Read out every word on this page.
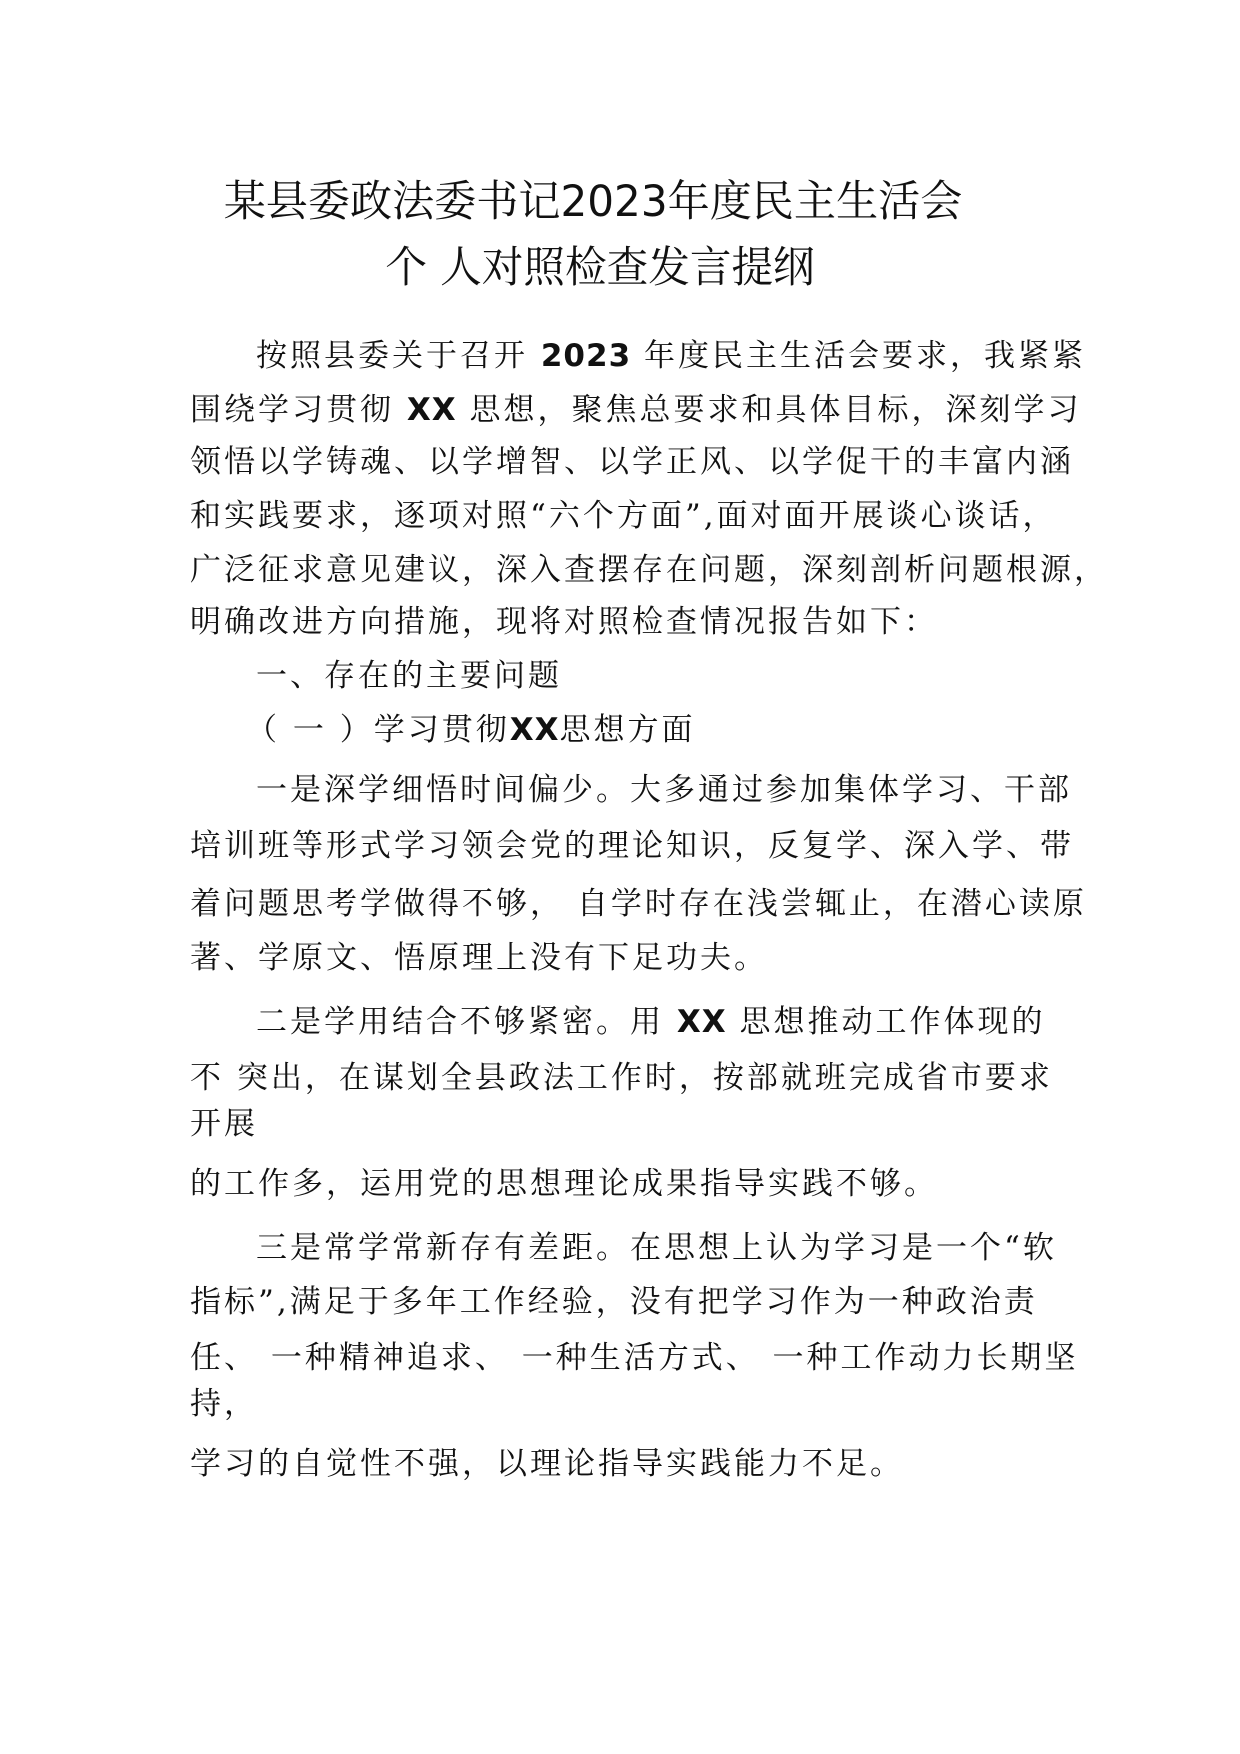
某县委政法委书记2023年度民主生活会
个 人对照检查发言提纲
按照县委关于召开 2023 年度民主生活会要求，我紧紧
围绕学习贯彻 XX 思想，聚焦总要求和具体目标，深刻学习
领悟以学铸魂、以学增智、以学正风、以学促干的丰富内涵
和实践要求，逐项对照“六个方面”,面对面开展谈心谈话，
广泛征求意见建议，深入查摆存在问题，深刻剖析问题根源，
明确改进方向措施，现将对照检查情况报告如下：
一、存在的主要问题
（ 一 ）学习贯彻XX思想方面
一是深学细悟时间偏少。大多通过参加集体学习、干部
培训班等形式学习领会党的理论知识，反复学、深入学、带
着问题思考学做得不够， 自学时存在浅尝辄止，在潜心读原
著、学原文、悟原理上没有下足功夫。
二是学用结合不够紧密。用 XX 思想推动工作体现的
不 突出，在谋划全县政法工作时，按部就班完成省市要求
开展
的工作多，运用党的思想理论成果指导实践不够。
三是常学常新存有差距。在思想上认为学习是一个“软
指标”,满足于多年工作经验，没有把学习作为一种政治责
任、 一种精神追求、 一种生活方式、 一种工作动力长期坚
持，
学习的自觉性不强，以理论指导实践能力不足。
